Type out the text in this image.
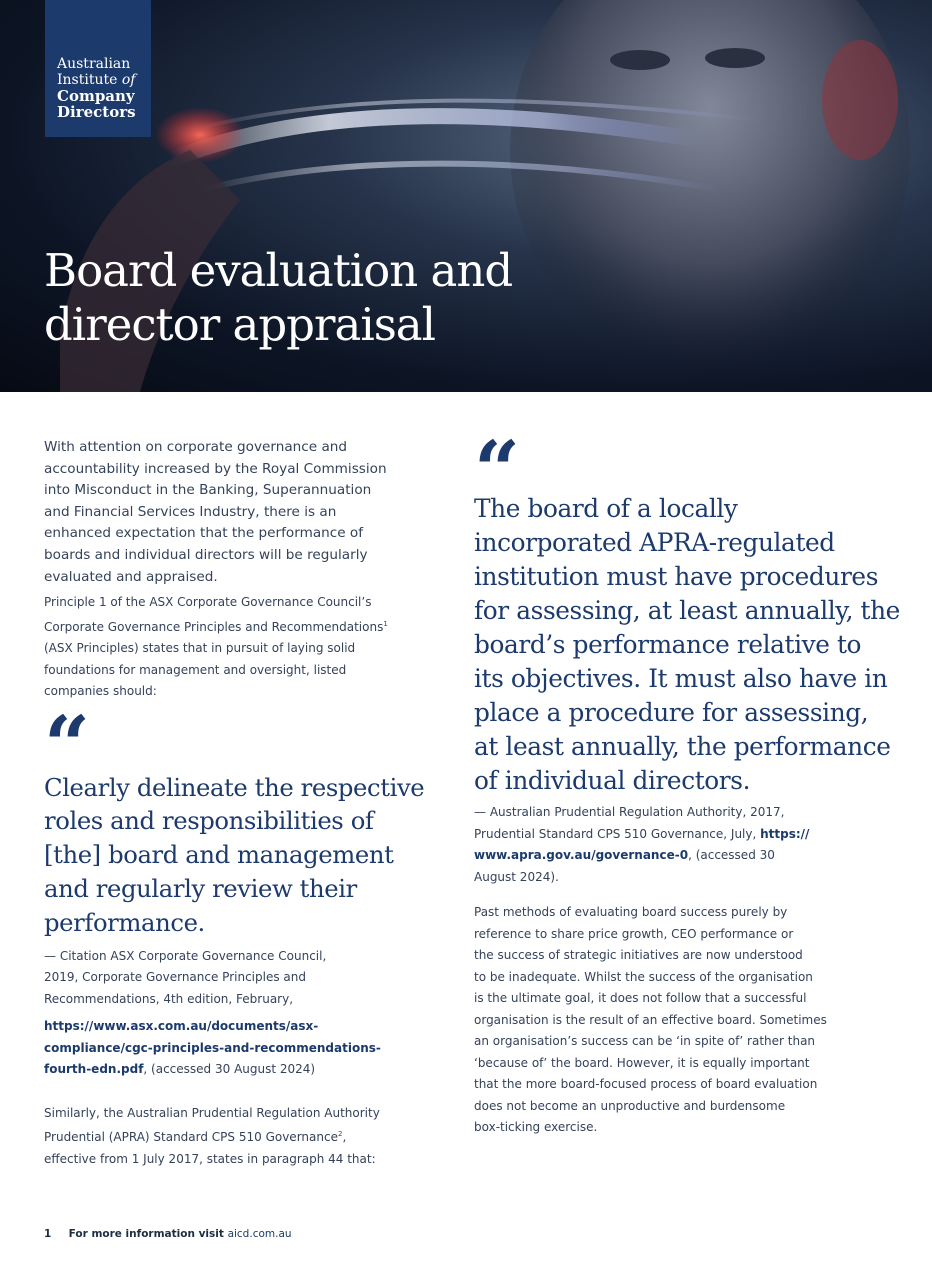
Australian
Institute of
Company
Directors
Board evaluation and
director appraisal

With attention on corporate governance and
accountability increased by the Royal Commission
into Misconduct in the Banking, Superannuation
and Financial Services Industry, there is an
enhanced expectation that the performance of
boards and individual directors will be regularly
evaluated and appraised.

Principle 1 of the ASX Corporate Governance Council’s
Corporate Governance Principles and Recommendations$^1$
(ASX Principles) states that in pursuit of laying solid
foundations for management and oversight, listed
companies should:

“

Clearly delineate the respective
roles and responsibilities of
[the] board and management
and regularly review their
performance.

— Citation ASX Corporate Governance Council,
2019, Corporate Governance Principles and
Recommendations, 4th edition, February,

https://www.asx.com.au/documents/asx-
compliance/cgc-principles-and-recommendations-
fourth-edn.pdf, (accessed 30 August 2024)

Similarly, the Australian Prudential Regulation Authority
Prudential (APRA) Standard CPS 510 Governance$^2$,
effective from 1 July 2017, states in paragraph 44 that:

“

The board of a locally
incorporated APRA-regulated
institution must have procedures
for assessing, at least annually, the
board’s performance relative to
its objectives. It must also have in
place a procedure for assessing,
at least annually, the performance
of individual directors.

— Australian Prudential Regulation Authority, 2017,
Prudential Standard CPS 510 Governance, July, https://
www.apra.gov.au/governance-0, (accessed 30
August 2024).

Past methods of evaluating board success purely by
reference to share price growth, CEO performance or
the success of strategic initiatives are now understood
to be inadequate. Whilst the success of the organisation
is the ultimate goal, it does not follow that a successful
organisation is the result of an effective board. Sometimes
an organisation’s success can be ‘in spite of’ rather than
‘because of’ the board. However, it is equally important
that the more board-focused process of board evaluation
does not become an unproductive and burdensome
box-ticking exercise.

1 For more information visit aicd.com.au
